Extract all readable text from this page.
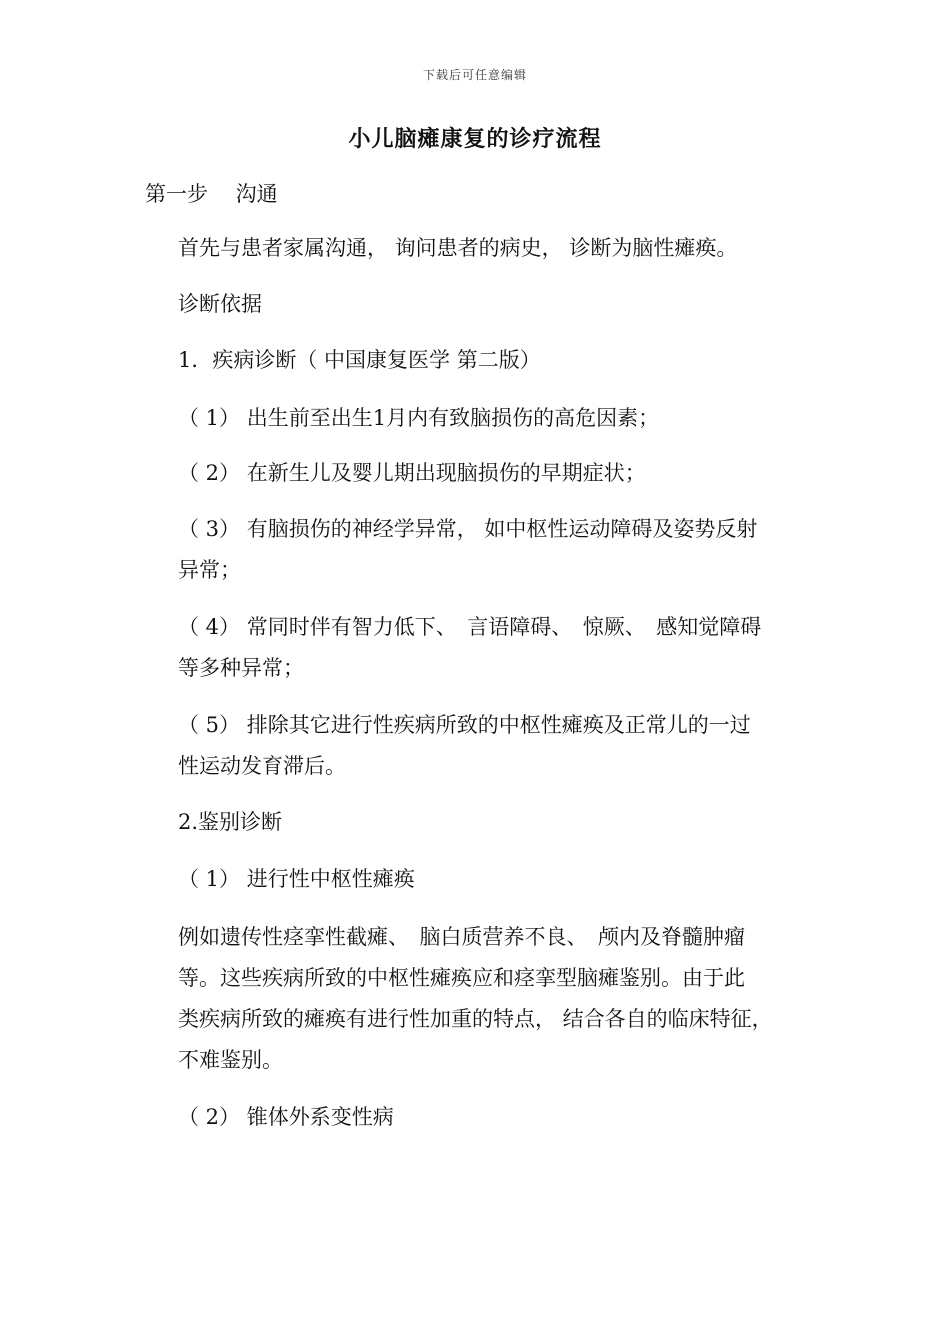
下载后可任意编辑
小儿脑瘫康复的诊疗流程
第一步　 沟通
首先与患者家属沟通， 询问患者的病史， 诊断为脑性瘫痪。
诊断依据
1．疾病诊断（ 中国康复医学 第二版）
（ 1） 出生前至出生1月内有致脑损伤的高危因素；
（ 2） 在新生儿及婴儿期出现脑损伤的早期症状；
（ 3） 有脑损伤的神经学异常， 如中枢性运动障碍及姿势反射
异常；
（ 4） 常同时伴有智力低下、　言语障碍、　惊厥、　感知觉障碍
等多种异常；
（ 5） 排除其它进行性疾病所致的中枢性瘫痪及正常儿的一过
性运动发育滞后。
2.鉴别诊断
（ 1） 进行性中枢性瘫痪
例如遗传性痉挛性截瘫、　脑白质营养不良、　颅内及脊髓肿瘤
等。这些疾病所致的中枢性瘫痪应和痉挛型脑瘫鉴别。由于此
类疾病所致的瘫痪有进行性加重的特点， 结合各自的临床特征，
不难鉴别。
（ 2） 锥体外系变性病
